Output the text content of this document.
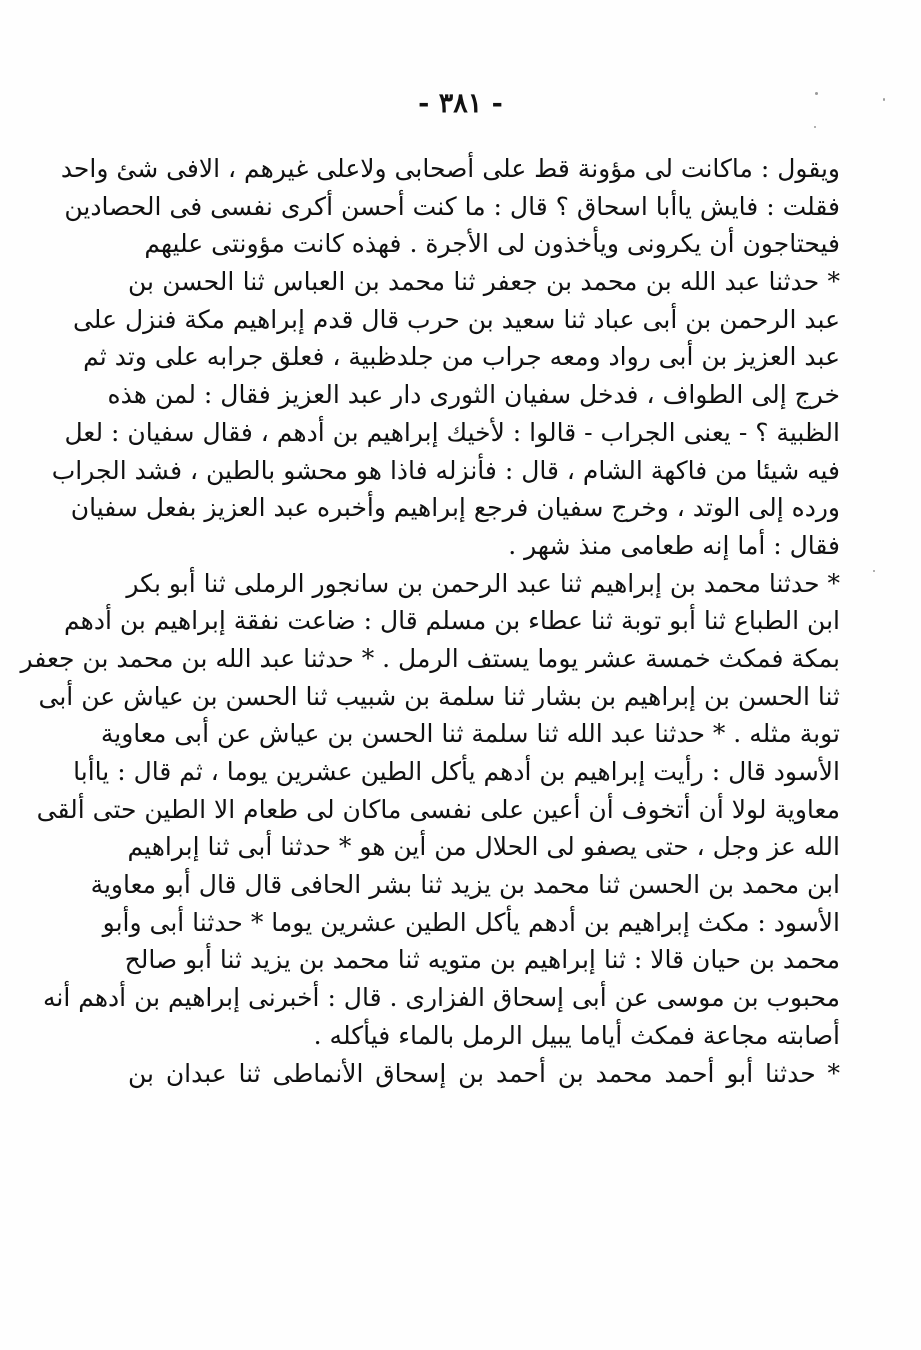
- ٣٨١ -
ويقول : ماكانت لى مؤونة قط على أصحابى ولاعلى غيرهم ، الافى شئ واحد
فقلت : فايش ياأبا اسحاق ؟ قال : ما كنت أحسن أكرى نفسى فى الحصادين
فيحتاجون أن يكرونى ويأخذون لى الأجرة . فهذه كانت مؤونتى عليهم
* حدثنا عبد الله بن محمد بن جعفر ثنا محمد بن العباس ثنا الحسن بن
عبد الرحمن بن أبى عباد ثنا سعيد بن حرب قال قدم إبراهيم مكة فنزل على
عبد العزيز بن أبى رواد ومعه جراب من جلدظبية ، فعلق جرابه على وتد ثم
خرج إلى الطواف ، فدخل سفيان الثورى دار عبد العزيز فقال : لمن هذه
الظبية ؟ - يعنى الجراب - قالوا : لأخيك إبراهيم بن أدهم ، فقال سفيان : لعل
فيه شيئا من فاكهة الشام ، قال : فأنزله فاذا هو محشو بالطين ، فشد الجراب
ورده إلى الوتد ، وخرج سفيان فرجع إبراهيم وأخبره عبد العزيز بفعل سفيان
فقال : أما إنه طعامى منذ شهر .
* حدثنا محمد بن إبراهيم ثنا عبد الرحمن بن سانجور الرملى ثنا أبو بكر
ابن الطباع ثنا أبو توبة ثنا عطاء بن مسلم قال : ضاعت نفقة إبراهيم بن أدهم
بمكة فمكث خمسة عشر يوما يستف الرمل . * حدثنا عبد الله بن محمد بن جعفر
ثنا الحسن بن إبراهيم بن بشار ثنا سلمة بن شبيب ثنا الحسن بن عياش عن أبى
توبة مثله . * حدثنا عبد الله ثنا سلمة ثنا الحسن بن عياش عن أبى معاوية
الأسود قال : رأيت إبراهيم بن أدهم يأكل الطين عشرين يوما ، ثم قال : ياأبا
معاوية لولا أن أتخوف أن أعين على نفسى ماكان لى طعام الا الطين حتى ألقى
الله عز وجل ، حتى يصفو لى الحلال من أين هو * حدثنا أبى ثنا إبراهيم
ابن محمد بن الحسن ثنا محمد بن يزيد ثنا بشر الحافى قال قال أبو معاوية
الأسود : مكث إبراهيم بن أدهم يأكل الطين عشرين يوما * حدثنا أبى وأبو
محمد بن حيان قالا : ثنا إبراهيم بن متويه ثنا محمد بن يزيد ثنا أبو صالح
محبوب بن موسى عن أبى إسحاق الفزارى . قال : أخبرنى إبراهيم بن أدهم أنه
أصابته مجاعة فمكث أياما يبيل الرمل بالماء فيأكله .
* حدثنا أبو أحمد محمد بن أحمد بن إسحاق الأنماطى ثنا عبدان بن
